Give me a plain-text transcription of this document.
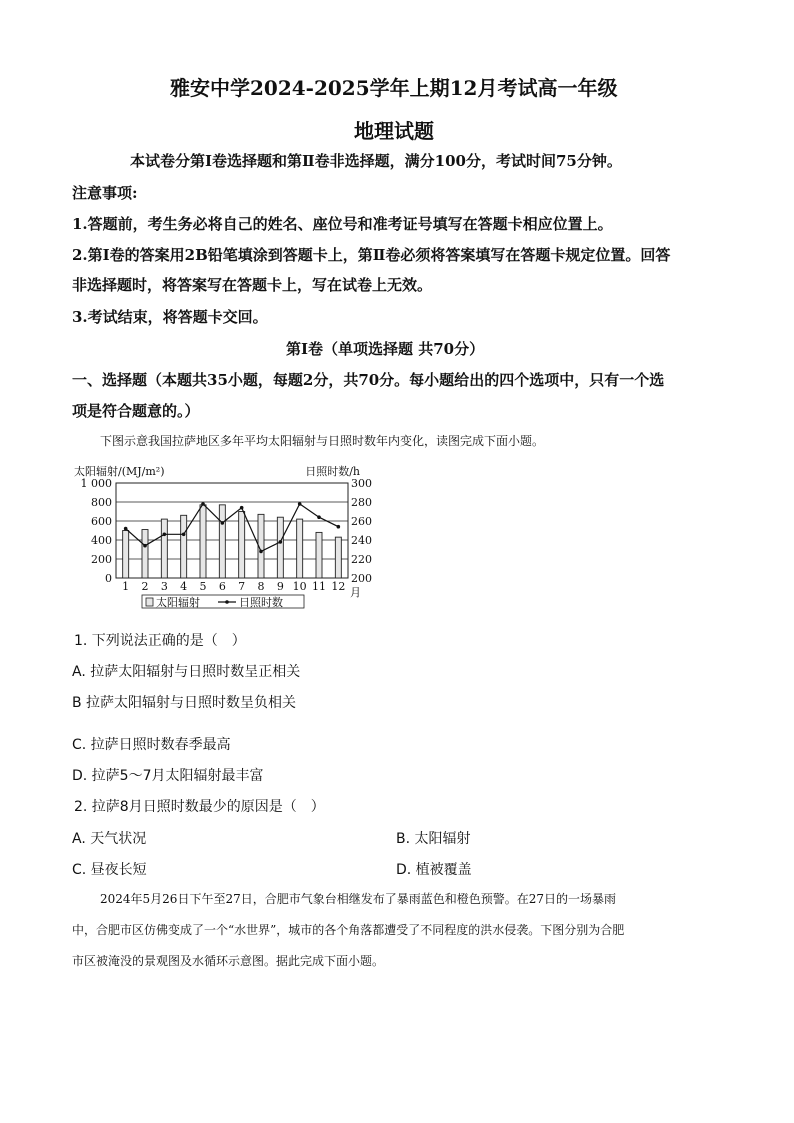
雅安中学2024-2025学年上期12月考试高一年级
地理试题
本试卷分第Ⅰ卷选择题和第Ⅱ卷非选择题，满分100分，考试时间75分钟。
注意事项:
1.答题前，考生务必将自己的姓名、座位号和准考证号填写在答题卡相应位置上。
2.第Ⅰ卷的答案用2B铅笔填涂到答题卡上，第Ⅱ卷必须将答案填写在答题卡规定位置。回答
非选择题时，将答案写在答题卡上，写在试卷上无效。
3.考试结束，将答题卡交回。
第Ⅰ卷（单项选择题 共70分）
一、选择题（本题共35小题，每题2分，共70分。每小题给出的四个选项中，只有一个选
项是符合题意的。）
下图示意我国拉萨地区多年平均太阳辐射与日照时数年内变化，读图完成下面小题。
0
200
400
600
800
1 000
200
220
240
260
280
300
太阳辐射/(MJ/m²)	日照时数/h
1 2 3 4 5 6 7 8 9 10 11 12 月
太阳辐射	日照时数
1. 下列说法正确的是（　）
A. 拉萨太阳辐射与日照时数呈正相关
B 拉萨太阳辐射与日照时数呈负相关
C. 拉萨日照时数春季最高
D. 拉萨5～7月太阳辐射最丰富
2. 拉萨8月日照时数最少的原因是（　）
A. 天气状况	B. 太阳辐射
C. 昼夜长短	D. 植被覆盖
2024年5月26日下午至27日，合肥市气象台相继发布了暴雨蓝色和橙色预警。在27日的一场暴雨
中，合肥市区仿佛变成了一个“水世界”，城市的各个角落都遭受了不同程度的洪水侵袭。下图分别为合肥
市区被淹没的景观图及水循环示意图。据此完成下面小题。
